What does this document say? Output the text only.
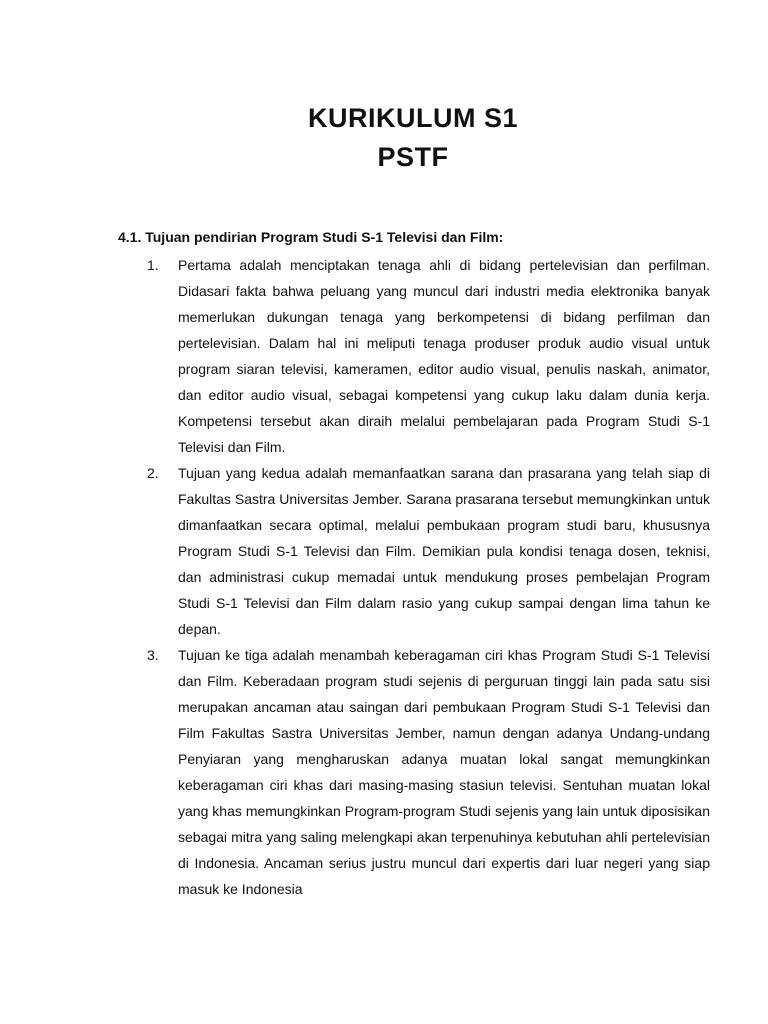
KURIKULUM S1
PSTF
4.1. Tujuan pendirian Program Studi S-1 Televisi dan Film:
1. Pertama adalah menciptakan tenaga ahli di bidang pertelevisian dan perfilman. Didasari fakta bahwa peluang yang muncul dari industri media elektronika banyak memerlukan dukungan tenaga yang berkompetensi di bidang perfilman dan pertelevisian. Dalam hal ini meliputi tenaga produser produk audio visual untuk program siaran televisi, kameramen, editor audio visual, penulis naskah, animator, dan editor audio visual, sebagai kompetensi yang cukup laku dalam dunia kerja. Kompetensi tersebut akan diraih melalui pembelajaran pada Program Studi S-1 Televisi dan Film.

2. Tujuan yang kedua adalah memanfaatkan sarana dan prasarana yang telah siap di Fakultas Sastra Universitas Jember. Sarana prasarana tersebut memungkinkan untuk dimanfaatkan secara optimal, melalui pembukaan program studi baru, khususnya Program Studi S-1 Televisi dan Film. Demikian pula kondisi tenaga dosen, teknisi, dan administrasi cukup memadai untuk mendukung proses pembelajan Program Studi S-1 Televisi dan Film dalam rasio yang cukup sampai dengan lima tahun ke depan.

3. Tujuan ke tiga adalah menambah keberagaman ciri khas Program Studi S-1 Televisi dan Film. Keberadaan program studi sejenis di perguruan tinggi lain pada satu sisi merupakan ancaman atau saingan dari pembukaan Program Studi S-1 Televisi dan Film Fakultas Sastra Universitas Jember, namun dengan adanya Undang-undang Penyiaran yang mengharuskan adanya muatan lokal sangat memungkinkan keberagaman ciri khas dari masing-masing stasiun televisi. Sentuhan muatan lokal yang khas memungkinkan Program-program Studi sejenis yang lain untuk diposisikan sebagai mitra yang saling melengkapi akan terpenuhinya kebutuhan ahli pertelevisian di Indonesia. Ancaman serius justru muncul dari expertis dari luar negeri yang siap masuk ke Indonesia
